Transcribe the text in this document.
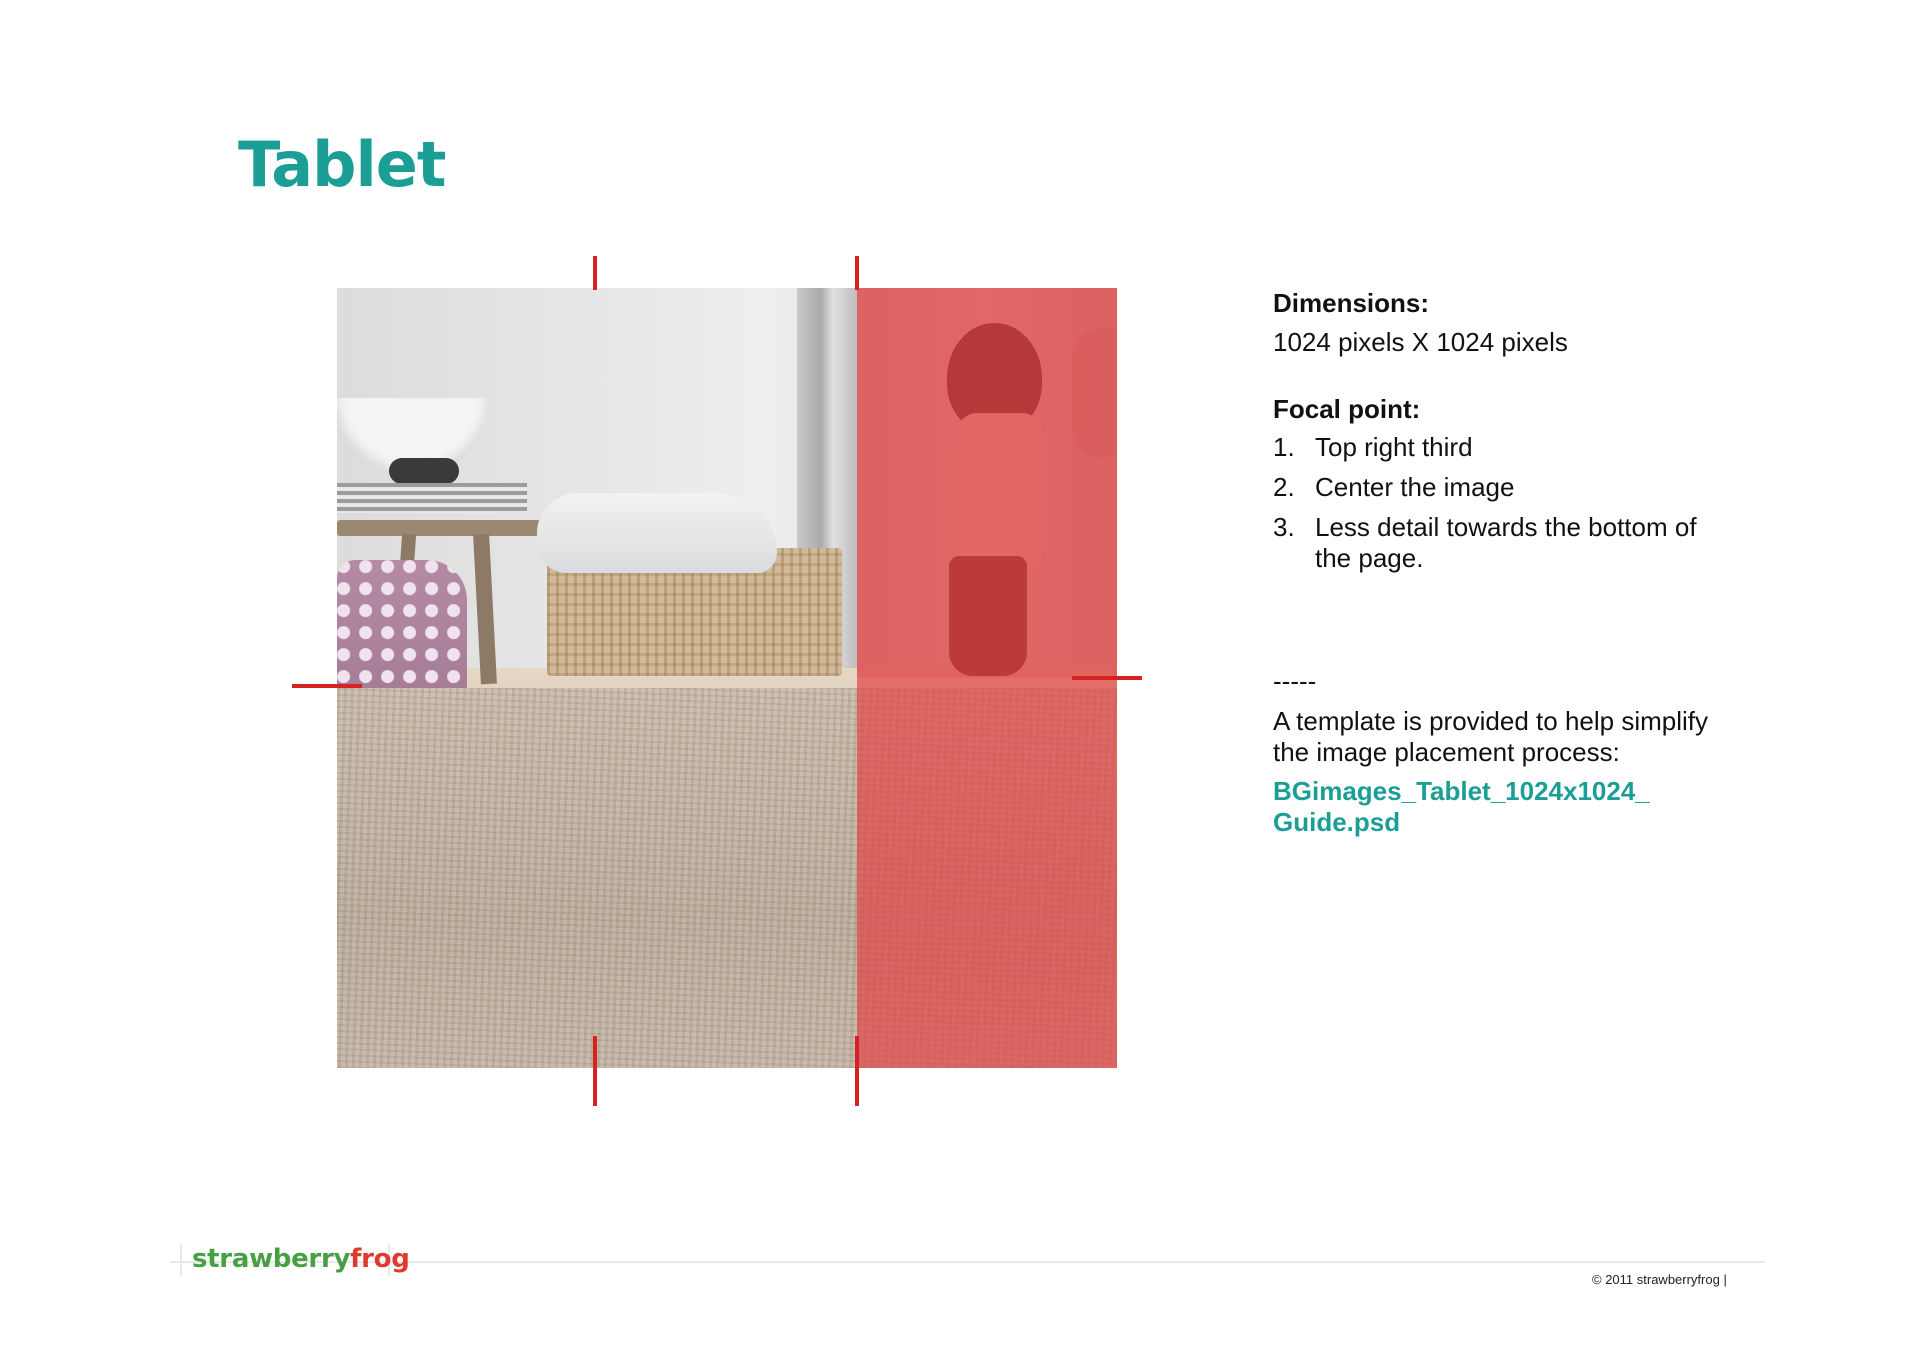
Tablet

Dimensions:

1024 pixels X 1024 pixels

Focal point:

1. Top right third
2. Center the image
3. Less detail towards the bottom of the page.
-----
A template is provided to help simplify the image placement process:
BGimages_Tablet_1024x1024_
Guide.psd
strawberryfrog
© 2011 strawberryfrog |
